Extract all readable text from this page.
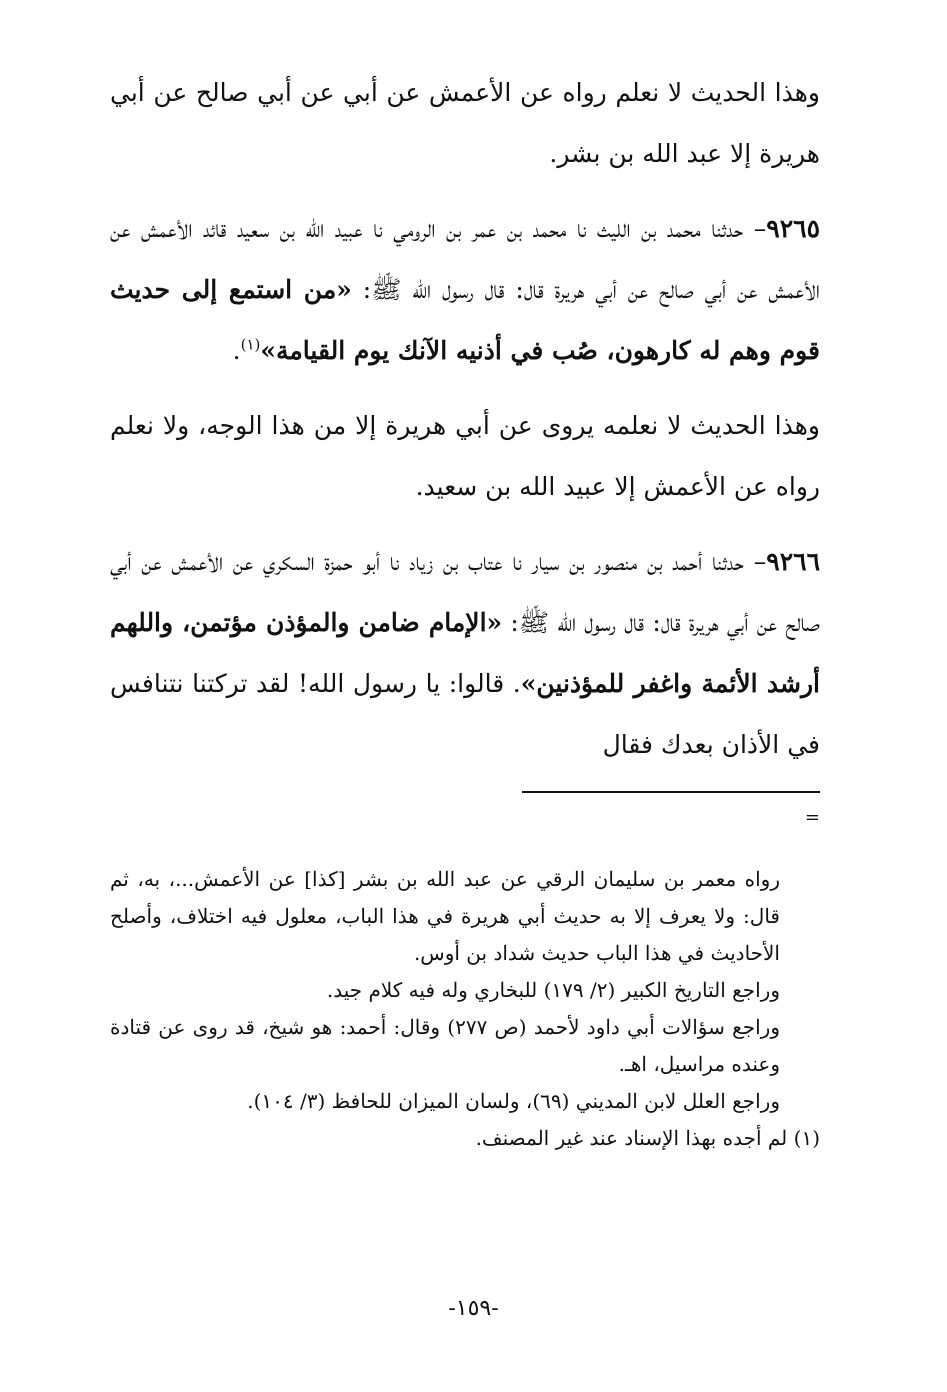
وهذا الحديث لا نعلم رواه عن الأعمش عن أبي عن أبي صالح عن أبي هريرة إلا عبد الله بن بشر.

٩٢٦٥– حدثنا محمد بن الليث نا محمد بن عمر بن الرومي نا عبيد الله بن سعيد قائد الأعمش عن الأعمش عن أبي صالح عن أبي هريرة قال: قال رسول الله ﷺ: «من استمع إلى حديث قوم وهم له كارهون، صُب في أذنيه الآنك يوم القيامة»$^{(١)}$.

وهذا الحديث لا نعلمه يروى عن أبي هريرة إلا من هذا الوجه، ولا نعلم رواه عن الأعمش إلا عبيد الله بن سعيد.

٩٢٦٦– حدثنا أحمد بن منصور بن سيار نا عتاب بن زياد نا أبو حمزة السكري عن الأعمش عن أبي صالح عن أبي هريرة قال: قال رسول الله ﷺ: «الإمام ضامن والمؤذن مؤتمن، واللهم أرشد الأئمة واغفر للمؤذنين». قالوا: يا رسول الله! لقد تركتنا نتنافس في الأذان بعدك فقال

=

رواه معمر بن سليمان الرقي عن عبد الله بن بشر [كذا] عن الأعمش...، به، ثم قال: ولا يعرف إلا به حديث أبي هريرة في هذا الباب، معلول فيه اختلاف، وأصلح الأحاديث في هذا الباب حديث شداد بن أوس.

وراجع التاريخ الكبير (٢/ ١٧٩) للبخاري وله فيه كلام جيد.

وراجع سؤالات أبي داود لأحمد (ص ٢٧٧) وقال: أحمد: هو شيخ، قد روى عن قتادة وعنده مراسيل، اهـ.

وراجع العلل لابن المديني (٦٩)، ولسان الميزان للحافظ (٣/ ١٠٤).

(١) لم أجده بهذا الإسناد عند غير المصنف.

-١٥٩-
